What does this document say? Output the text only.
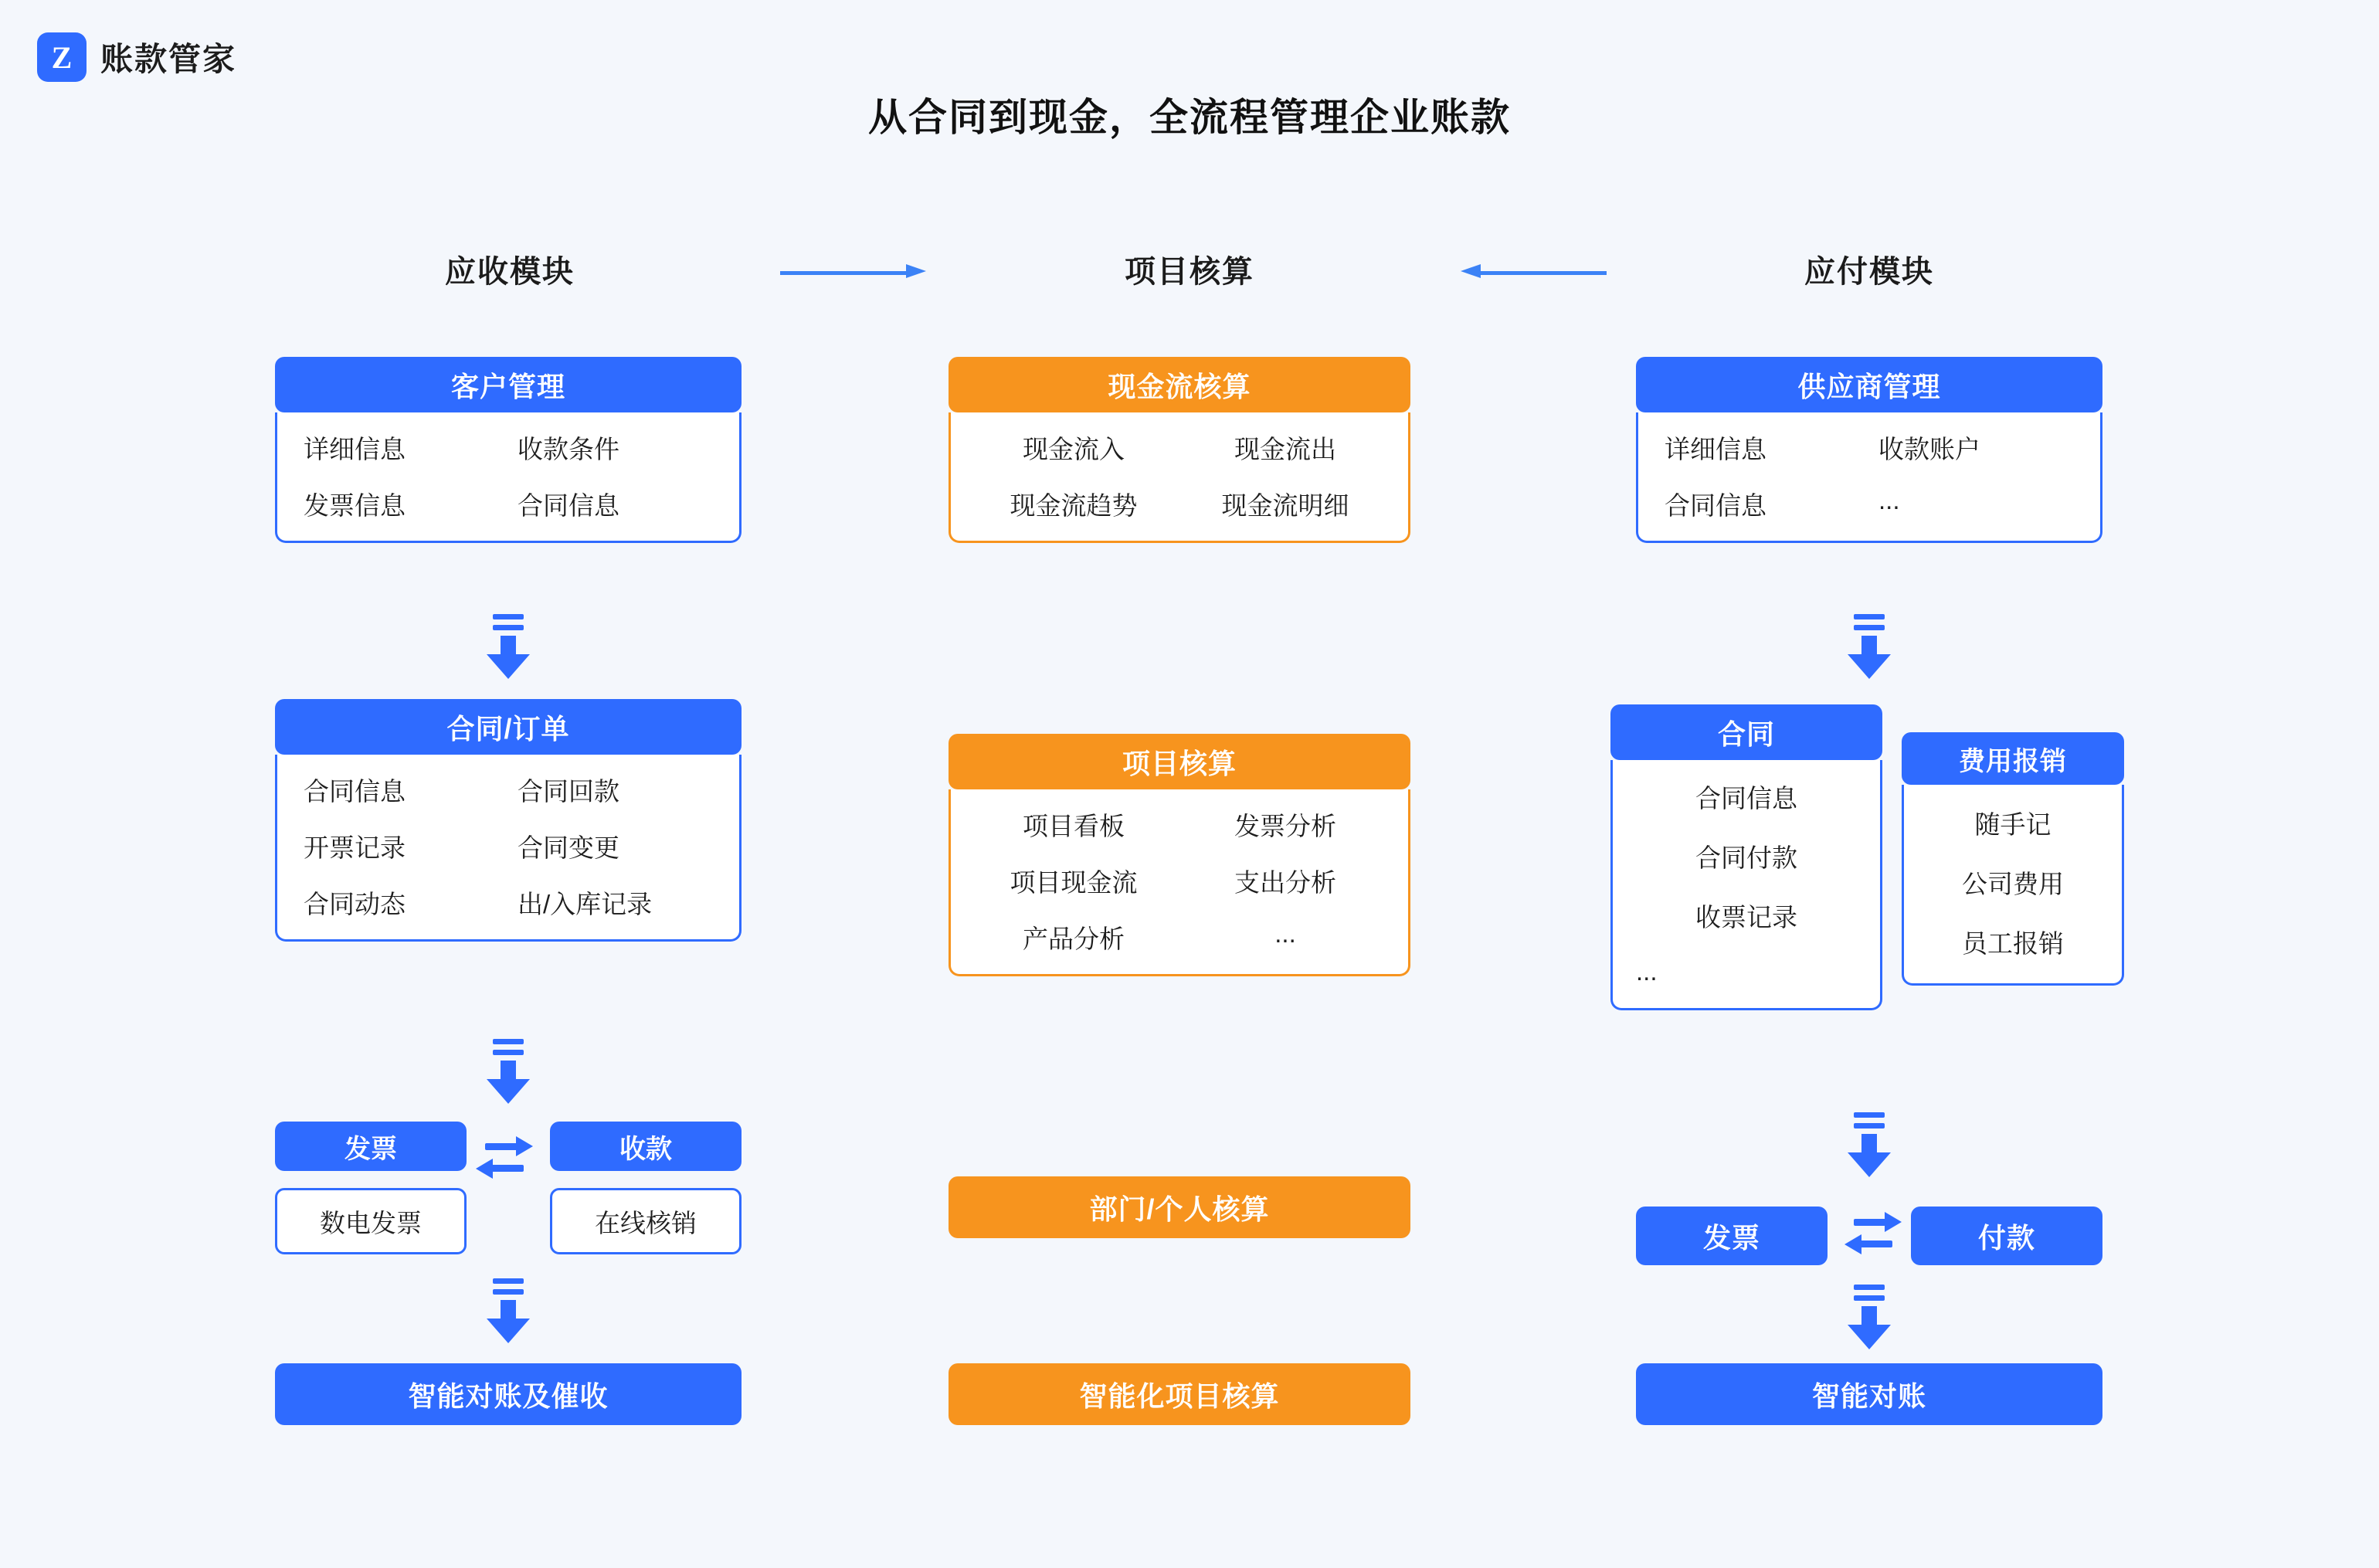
Z 账款管家
从合同到现金，全流程管理企业账款
应收模块	项目核算	应付模块
客户管理
详细信息	收款条件
发票信息	合同信息
合同/订单
合同信息	合同回款
开票记录	合同变更
合同动态	出/入库记录
发票
数电发票
收款
在线核销
智能对账及催收
现金流核算
现金流入	现金流出
现金流趋势	现金流明细
项目核算
项目看板	发票分析
项目现金流	支出分析
产品分析	...
部门/个人核算
智能化项目核算
供应商管理
详细信息	收款账户
合同信息	...
合同
合同信息
合同付款
收票记录
...
费用报销
随手记
公司费用
员工报销
发票	付款
智能对账
